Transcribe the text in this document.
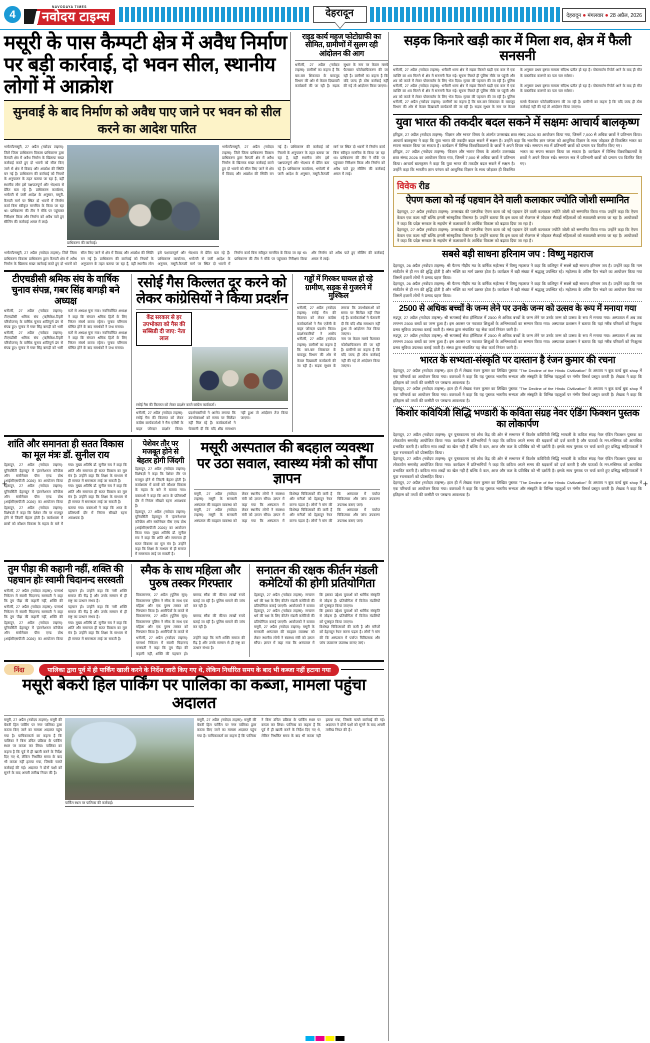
4
NAVODAYA TIMES
नवोदय टाइम्स	देहरादून	देहरादून ● मंगलवार ● 28 अप्रैल, 2026
मसूरी के पास कैम्पटी क्षेत्र में अवैध निर्माण पर बड़ी कार्रवाई, दो भवन सील, स्थानीय लोगों में आक्रोश
सुनवाई के बाद निर्माण को अवैध पाए जाने पर भवन को सील करने का आदेश पारित
राइड कार्य महज फोटोग्राफी का सीमित, ग्रामीणों में सुलग रही आंदोलन की आग
धनौल्टी, 27 अप्रैल (नवोदय टाइम्स): ग्रामीणों का कहना है कि बार-बार शिकायत के बावजूद विभाग की ओर से केवल दिखावटी कार्यक्रमों की जा रही है। सड़क सुधार के नाम पर केवल मलबे फैलाकर फोटोग्राफिकरण की जा रही है। ग्रामीणों का कहना है कि यदि जल्द ही ठोस कार्रवाई नहीं की गई तो आंदोलन किया जाएगा।
भगोल्टी/मसूरी, 27 अप्रैल (नवोदय टाइम्स): जिले जिला प्राधिकरण विकास प्राधिकरण द्वारा कैम्पटी क्षेत्र में अवैध निर्माण के खिलाफ सख्त कार्रवाई करते हुए दो भवनों को सील किए जाने से क्षेत्र में विवाद और आक्रोश की स्थिति बन गई है। प्राधिकरण की कार्रवाई को नियमों के अनुपालन के तहत बताया जा रहा है, वहीं स्थानीय लोग इसे पक्षपातपूर्ण और भेदभाव से प्रेरित बता रहे हैं। प्राधिकरण कार्यालय, भगोल्टी से जारी आदेश के अनुसार, मसूरी-कैम्पटी मार्ग पर स्थित दो भवनों में निर्माण कार्य बिना स्वीकृत मानचित्र के किया जा रहा था। प्राधिकरण की टीम ने मौके पर पहुंचकर निरीक्षण किया और निर्माण को अवैध पाते हुए सीलिंग की कार्रवाई अमल में लाई।
प्राधिकरण की कार्रवाई।
भगोल्टी/मसूरी, 27 अप्रैल (नवोदय टाइम्स): जिले जिला प्राधिकरण विकास प्राधिकरण द्वारा कैम्पटी क्षेत्र में अवैध निर्माण के खिलाफ सख्त कार्रवाई करते हुए दो भवनों को सील किए जाने से क्षेत्र में विवाद और आक्रोश की स्थिति बन गई है। प्राधिकरण की कार्रवाई को नियमों के अनुपालन के तहत बताया जा रहा है, वहीं स्थानीय लोग इसे पक्षपातपूर्ण और भेदभाव से प्रेरित बता रहे हैं। प्राधिकरण कार्यालय, भगोल्टी से जारी आदेश के अनुसार, मसूरी-कैम्पटी मार्ग पर स्थित दो भवनों में निर्माण कार्य बिना स्वीकृत मानचित्र के किया जा रहा था। प्राधिकरण की टीम ने मौके पर पहुंचकर निरीक्षण किया और निर्माण को अवैध पाते हुए सीलिंग की कार्रवाई अमल में लाई।
भगोल्टी/मसूरी, 27 अप्रैल (नवोदय टाइम्स): जिले जिला प्राधिकरण विकास प्राधिकरण द्वारा कैम्पटी क्षेत्र में अवैध निर्माण के खिलाफ सख्त कार्रवाई करते हुए दो भवनों को सील किए जाने से क्षेत्र में विवाद और आक्रोश की स्थिति बन गई है। प्राधिकरण की कार्रवाई को नियमों के अनुपालन के तहत बताया जा रहा है, वहीं स्थानीय लोग इसे पक्षपातपूर्ण और भेदभाव से प्रेरित बता रहे हैं। प्राधिकरण कार्यालय, भगोल्टी से जारी आदेश के अनुसार, मसूरी-कैम्पटी मार्ग पर स्थित दो भवनों में निर्माण कार्य बिना स्वीकृत मानचित्र के किया जा रहा था। प्राधिकरण की टीम ने मौके पर पहुंचकर निरीक्षण किया और निर्माण को अवैध पाते हुए सीलिंग की कार्रवाई अमल में लाई।
टीएचडीसी श्रमिक संघ के वार्षिक चुनाव संपन्न, गबर सिंह बागड़ी बने अध्यक्ष
धनौल्टी, 27 अप्रैल (नवोदय टाइम्स): टीएचडीसी श्रमिक संघ (ऋषिकेश-टिहरी परियोजना) के वार्षिक चुनाव शांतिपूर्ण ढंग से संपन्न हुए। चुनाव में गबर सिंह बागड़ी को भारी मतों से अध्यक्ष चुना गया। नवनिर्वाचित अध्यक्ष ने कहा कि संगठन श्रमिक हितों के लिए निरंतर संघर्ष करता रहेगा। चुनाव परिणाम घोषित होने के बाद समर्थकों ने जश्न मनाया।
धनौल्टी, 27 अप्रैल (नवोदय टाइम्स): टीएचडीसी श्रमिक संघ (ऋषिकेश-टिहरी परियोजना) के वार्षिक चुनाव शांतिपूर्ण ढंग से संपन्न हुए। चुनाव में गबर सिंह बागड़ी को भारी मतों से अध्यक्ष चुना गया। नवनिर्वाचित अध्यक्ष ने कहा कि संगठन श्रमिक हितों के लिए निरंतर संघर्ष करता रहेगा। चुनाव परिणाम घोषित होने के बाद समर्थकों ने जश्न मनाया।
रसोई गैस किल्लत दूर करने को लेकर कांग्रेसियों ने किया प्रदर्शन
केंद्र सरकार से हर उपभोक्ता को गैस की सब्सिडी दी जाए: नेता लाल
रसोई गैस की किल्लत को लेकर प्रदर्शन करते कांग्रेस कार्यकर्ता।
धनौल्टी, 27 अप्रैल (नवोदय टाइम्स): रसोई गैस की किल्लत को लेकर कांग्रेस कार्यकर्ताओं ने गैस एजेंसी के बाहर जोरदार प्रदर्शन किया। प्रदर्शनकारियों ने आरोप लगाया कि उपभोक्ताओं को समय पर सिलेंडर नहीं मिल रहे हैं। कार्यकर्ताओं ने चेतावनी दी कि यदि शीघ्र समाधान नहीं हुआ तो आंदोलन तेज किया जाएगा।
गड्ढों में गिरकर घायल हो रहे ग्रामीण, सड़क से गुजरने में मुश्किल
धनौल्टी, 27 अप्रैल (नवोदय टाइम्स): रसोई गैस की किल्लत को लेकर कांग्रेस कार्यकर्ताओं ने गैस एजेंसी के बाहर जोरदार प्रदर्शन किया। प्रदर्शनकारियों ने आरोप लगाया कि उपभोक्ताओं को समय पर सिलेंडर नहीं मिल रहे हैं। कार्यकर्ताओं ने चेतावनी दी कि यदि शीघ्र समाधान नहीं हुआ तो आंदोलन तेज किया जाएगा।
धनौल्टी, 27 अप्रैल (नवोदय टाइम्स): ग्रामीणों का कहना है कि बार-बार शिकायत के बावजूद विभाग की ओर से केवल दिखावटी कार्यक्रमों की जा रही है। सड़क सुधार के नाम पर केवल मलबे फैलाकर फोटोग्राफिकरण की जा रही है। ग्रामीणों का कहना है कि यदि जल्द ही ठोस कार्रवाई नहीं की गई तो आंदोलन किया जाएगा।
शांति और समानता ही सतत विकास का मूल मंत्रः डॉ. सुनील राय
देहरादून, 27 अप्रैल (नवोदय टाइम्स): यूनिवर्सिटी देहरादून में 'इंटरनेशनल कॉन्फ्रेंस ऑन सस्टेनेबल पीस एण्ड ग्रोथ (आईसीएसपीजी 2026)' का आयोजन किया गया। मुख्य अतिथि डॉ. सुनील राय ने कहा कि शांति और समानता ही सतत विकास का मूल मंत्र है। उन्होंने कहा कि शिक्षा के माध्यम से ही समाज में समरसता लाई जा सकती है।
देहरादून, 27 अप्रैल (नवोदय टाइम्स): यूनिवर्सिटी देहरादून में 'इंटरनेशनल कॉन्फ्रेंस ऑन सस्टेनेबल पीस एण्ड ग्रोथ (आईसीएसपीजी 2026)' का आयोजन किया गया। मुख्य अतिथि डॉ. सुनील राय ने कहा कि शांति और समानता ही सतत विकास का मूल मंत्र है। उन्होंने कहा कि शिक्षा के माध्यम से ही समाज में समरसता लाई जा सकती है।
देहरादून, 27 अप्रैल (नवोदय टाइम्स): विशेषज्ञों ने कहा कि पेशेवर तौर पर मजबूत होने से जिंदगी बेहतर होती है। कार्यशाला में छात्रों को कौशल विकास के महत्व के बारे में बताया गया। वक्ताओं ने कहा कि आज के प्रतिस्पर्धी दौर में निरंतर सीखते रहना आवश्यक है।
पेशेवर तौर पर मजबूत होने से बेहतर होगी जिंदगी
देहरादून, 27 अप्रैल (नवोदय टाइम्स): विशेषज्ञों ने कहा कि पेशेवर तौर पर मजबूत होने से जिंदगी बेहतर होती है। कार्यशाला में छात्रों को कौशल विकास के महत्व के बारे में बताया गया। वक्ताओं ने कहा कि आज के प्रतिस्पर्धी दौर में निरंतर सीखते रहना आवश्यक है।
देहरादून, 27 अप्रैल (नवोदय टाइम्स): यूनिवर्सिटी देहरादून में 'इंटरनेशनल कॉन्फ्रेंस ऑन सस्टेनेबल पीस एण्ड ग्रोथ (आईसीएसपीजी 2026)' का आयोजन किया गया। मुख्य अतिथि डॉ. सुनील राय ने कहा कि शांति और समानता ही सतत विकास का मूल मंत्र है। उन्होंने कहा कि शिक्षा के माध्यम से ही समाज में समरसता लाई जा सकती है।
मसूरी अस्पताल की बदहाल व्यवस्था पर उठा सवाल, स्वास्थ्य मंत्री को सौंपा ज्ञापन
मसूरी, 27 अप्रैल (नवोदय टाइम्स): मसूरी के सरकारी अस्पताल की बदहाल व्यवस्था को लेकर स्थानीय लोगों ने स्वास्थ्य मंत्री को ज्ञापन सौंपा। ज्ञापन में कहा गया कि अस्पताल में विशेषज्ञ चिकित्सकों की कमी है और मरीजों को देहरादून रेफर करना पड़ता है। लोगों ने मांग की कि अस्पताल में पर्याप्त चिकित्सक और जांच उपकरण उपलब्ध कराए जाएं।
मसूरी, 27 अप्रैल (नवोदय टाइम्स): मसूरी के सरकारी अस्पताल की बदहाल व्यवस्था को लेकर स्थानीय लोगों ने स्वास्थ्य मंत्री को ज्ञापन सौंपा। ज्ञापन में कहा गया कि अस्पताल में विशेषज्ञ चिकित्सकों की कमी है और मरीजों को देहरादून रेफर करना पड़ता है। लोगों ने मांग की कि अस्पताल में पर्याप्त चिकित्सक और जांच उपकरण उपलब्ध कराए जाएं।
तुम पीड़ा की कहानी नहीं, शक्ति की पहचान होः स्वामी चिदानन्द सरस्वती
धनौल्टी, 27 अप्रैल (नवोदय टाइम्स): परमार्थ निकेतन में स्वामी चिदानन्द सरस्वती ने कहा कि तुम पीड़ा की कहानी नहीं, शक्ति की पहचान हो। उन्होंने कहा कि नारी शक्ति समाज की रीढ़ है और उनके सम्मान से ही राष्ट्र का उत्थान संभव है।
धनौल्टी, 27 अप्रैल (नवोदय टाइम्स): परमार्थ निकेतन में स्वामी चिदानन्द सरस्वती ने कहा कि तुम पीड़ा की कहानी नहीं, शक्ति की पहचान हो। उन्होंने कहा कि नारी शक्ति समाज की रीढ़ है और उनके सम्मान से ही राष्ट्र का उत्थान संभव है।
देहरादून, 27 अप्रैल (नवोदय टाइम्स): यूनिवर्सिटी देहरादून में 'इंटरनेशनल कॉन्फ्रेंस ऑन सस्टेनेबल पीस एण्ड ग्रोथ (आईसीएसपीजी 2026)' का आयोजन किया गया। मुख्य अतिथि डॉ. सुनील राय ने कहा कि शांति और समानता ही सतत विकास का मूल मंत्र है। उन्होंने कहा कि शिक्षा के माध्यम से ही समाज में समरसता लाई जा सकती है।
स्मैक के साथ महिला और पुरुष तस्कर गिरफ्तार
विकासनगर, 27 अप्रैल (पुलिस सूत्र): विकासनगर पुलिस ने स्मैक के साथ एक महिला और एक पुरुष तस्कर को गिरफ्तार किया है। आरोपियों के कब्जे से बरामद स्मैक की कीमत लाखों रुपये बताई जा रही है। पुलिस मामले की जांच कर रही है।
विकासनगर, 27 अप्रैल (पुलिस सूत्र): विकासनगर पुलिस ने स्मैक के साथ एक महिला और एक पुरुष तस्कर को गिरफ्तार किया है। आरोपियों के कब्जे से बरामद स्मैक की कीमत लाखों रुपये बताई जा रही है। पुलिस मामले की जांच कर रही है।
धनौल्टी, 27 अप्रैल (नवोदय टाइम्स): परमार्थ निकेतन में स्वामी चिदानन्द सरस्वती ने कहा कि तुम पीड़ा की कहानी नहीं, शक्ति की पहचान हो। उन्होंने कहा कि नारी शक्ति समाज की रीढ़ है और उनके सम्मान से ही राष्ट्र का उत्थान संभव है।
सनातन की रक्षक कीर्तन मंडली कमेटियों की होगी प्रतियोगिता
देहरादून, 27 अप्रैल (नवोदय टाइम्स): सनातन धर्म की रक्षा के लिए कीर्तन मंडली कमेटियों की प्रतियोगिता कराई जाएगी। आयोजकों ने बताया कि इसका उद्देश्य युवाओं को धार्मिक संस्कृति से जोड़ना है। प्रतियोगिता में विजेता मंडलियों को पुरस्कृत किया जाएगा।
देहरादून, 27 अप्रैल (नवोदय टाइम्स): सनातन धर्म की रक्षा के लिए कीर्तन मंडली कमेटियों की प्रतियोगिता कराई जाएगी। आयोजकों ने बताया कि इसका उद्देश्य युवाओं को धार्मिक संस्कृति से जोड़ना है। प्रतियोगिता में विजेता मंडलियों को पुरस्कृत किया जाएगा।
मसूरी, 27 अप्रैल (नवोदय टाइम्स): मसूरी के सरकारी अस्पताल की बदहाल व्यवस्था को लेकर स्थानीय लोगों ने स्वास्थ्य मंत्री को ज्ञापन सौंपा। ज्ञापन में कहा गया कि अस्पताल में विशेषज्ञ चिकित्सकों की कमी है और मरीजों को देहरादून रेफर करना पड़ता है। लोगों ने मांग की कि अस्पताल में पर्याप्त चिकित्सक और जांच उपकरण उपलब्ध कराए जाएं।
निंदा	पालिका द्वारा पूर्व में ही पार्किंग खाली करने के निर्देश जारी किए गए थे, लेकिन निर्धारित समय के बाद भी कब्जा नहीं हटाया गया
मसूरी बेकरी हिल पार्किंग पर पालिका का कब्जा, मामला पहुंचा अदालत
मसूरी, 27 अप्रैल (नवोदय टाइम्स): मसूरी की बेकरी हिल पार्किंग पर नगर पालिका द्वारा कब्जा किए जाने का मामला अदालत पहुंच गया है। याचिकाकर्ता का कहना है कि पालिका ने बिना उचित प्रक्रिया के पार्किंग स्थल पर कब्जा कर लिया। पालिका का कहना है कि पूर्व में ही खाली करने के निर्देश दिए गए थे, लेकिन निर्धारित समय के बाद भी कब्जा नहीं हटाया गया, जिसके चलते कार्रवाई की गई। अदालत ने दोनों पक्षों को सुनने के बाद अगली तारीख नियत की है।
पार्किंग स्थल पर पालिका की कार्रवाई।
मसूरी, 27 अप्रैल (नवोदय टाइम्स): मसूरी की बेकरी हिल पार्किंग पर नगर पालिका द्वारा कब्जा किए जाने का मामला अदालत पहुंच गया है। याचिकाकर्ता का कहना है कि पालिका ने बिना उचित प्रक्रिया के पार्किंग स्थल पर कब्जा कर लिया। पालिका का कहना है कि पूर्व में ही खाली करने के निर्देश दिए गए थे, लेकिन निर्धारित समय के बाद भी कब्जा नहीं हटाया गया, जिसके चलते कार्रवाई की गई। अदालत ने दोनों पक्षों को सुनने के बाद अगली तारीख नियत की है।
सड़क किनारे खड़ी कार में मिला शव, क्षेत्र में फैली सनसनी
धनौल्टी, 27 अप्रैल (नवोदय टाइम्स): धनौल्टी थाना क्षेत्र में सड़क किनारे खड़ी एक कार में एक व्यक्ति का शव मिलने से क्षेत्र में सनसनी फैल गई। सूचना मिलते ही पुलिस मौके पर पहुंची और शव को कब्जे में लेकर पोस्टमार्टम के लिए भेज दिया। मृतक की पहचान की जा रही है। पुलिस के अनुसार प्रथम दृष्टया मामला संदिग्ध प्रतीत हो रहा है। पोस्टमार्टम रिपोर्ट आने के बाद ही मौत के वास्तविक कारणों का पता चल सकेगा।
धनौल्टी, 27 अप्रैल (नवोदय टाइम्स): धनौल्टी थाना क्षेत्र में सड़क किनारे खड़ी एक कार में एक व्यक्ति का शव मिलने से क्षेत्र में सनसनी फैल गई। सूचना मिलते ही पुलिस मौके पर पहुंची और शव को कब्जे में लेकर पोस्टमार्टम के लिए भेज दिया। मृतक की पहचान की जा रही है। पुलिस के अनुसार प्रथम दृष्टया मामला संदिग्ध प्रतीत हो रहा है। पोस्टमार्टम रिपोर्ट आने के बाद ही मौत के वास्तविक कारणों का पता चल सकेगा।
धनौल्टी, 27 अप्रैल (नवोदय टाइम्स): ग्रामीणों का कहना है कि बार-बार शिकायत के बावजूद विभाग की ओर से केवल दिखावटी कार्यक्रमों की जा रही है। सड़क सुधार के नाम पर केवल मलबे फैलाकर फोटोग्राफिकरण की जा रही है। ग्रामीणों का कहना है कि यदि जल्द ही ठोस कार्रवाई नहीं की गई तो आंदोलन किया जाएगा।
युवा भारत की तकदीर बदल सकने में सक्षमः आचार्य बालकृष्ण
हरिद्वार, 27 अप्रैल (नवोदय टाइम्स): 'विज्ञान और भारत' विषय के अंतर्गत उत्तराखंड छात्र संसद 2026 का आयोजन किया गया, जिसमें 7,000 से अधिक छात्रों ने प्रतिभाग किया। आचार्य बालकृष्ण ने कहा कि युवा भारत की तकदीर बदल सकने में सक्षम है। उन्होंने कहा कि भारतीय ज्ञान परंपरा को आधुनिक विज्ञान के साथ जोड़कर ही विकसित भारत का सपना साकार किया जा सकता है। कार्यक्रम में विभिन्न विश्वविद्यालयों के छात्रों ने अपने विचार रखे। समापन सत्र में प्रतिभागी छात्रों को प्रमाण पत्र वितरित किए गए।
हरिद्वार, 27 अप्रैल (नवोदय टाइम्स): 'विज्ञान और भारत' विषय के अंतर्गत उत्तराखंड छात्र संसद 2026 का आयोजन किया गया, जिसमें 7,000 से अधिक छात्रों ने प्रतिभाग किया। आचार्य बालकृष्ण ने कहा कि युवा भारत की तकदीर बदल सकने में सक्षम है। उन्होंने कहा कि भारतीय ज्ञान परंपरा को आधुनिक विज्ञान के साथ जोड़कर ही विकसित भारत का सपना साकार किया जा सकता है। कार्यक्रम में विभिन्न विश्वविद्यालयों के छात्रों ने अपने विचार रखे। समापन सत्र में प्रतिभागी छात्रों को प्रमाण पत्र वितरित किए गए।
विवेक रीड
ऐपण कला को नई पहचान देने वाली कलाकार ज्योति जोशी सम्मानित
देहरादून, 27 अप्रैल (नवोदय टाइम्स): उत्तराखंड की पारंपरिक ऐपण कला को नई पहचान देने वाली कलाकार ज्योति जोशी को सम्मानित किया गया। उन्होंने कहा कि ऐपण केवल एक कला नहीं बल्कि हमारी सांस्कृतिक विरासत है। उन्होंने बताया कि इस कला को रोजगार से जोड़कर सैकड़ों महिलाओं को स्वावलंबी बनाया जा रहा है। आयोजकों ने कहा कि प्रदेश सरकार के सहयोग से कलाकारों के आर्थिक विकास को बढ़ावा दिया जा रहा है।
देहरादून, 27 अप्रैल (नवोदय टाइम्स): उत्तराखंड की पारंपरिक ऐपण कला को नई पहचान देने वाली कलाकार ज्योति जोशी को सम्मानित किया गया। उन्होंने कहा कि ऐपण केवल एक कला नहीं बल्कि हमारी सांस्कृतिक विरासत है। उन्होंने बताया कि इस कला को रोजगार से जोड़कर सैकड़ों महिलाओं को स्वावलंबी बनाया जा रहा है। आयोजकों ने कहा कि प्रदेश सरकार के सहयोग से कलाकारों के आर्थिक विकास को बढ़ावा दिया जा रहा है।
सबसे बड़ी साधना हरिनाम जप : विष्णु महाराज
देहरादून, 26 अप्रैल (नवोदय टाइम्स): श्री चैतन्य गौड़ीय मठ के वार्षिक महोत्सव में विष्णु महाराज ने कहा कि कलियुग में सबसे बड़ी साधना हरिनाम जप है। उन्होंने कहा कि नाम संकीर्तन से ही मन की शुद्धि होती है और भक्ति का मार्ग प्रशस्त होता है। कार्यक्रम में बड़ी संख्या में श्रद्धालु उपस्थित रहे। महोत्सव के अंतिम दिन भंडारे का आयोजन किया गया जिसमें हजारों लोगों ने प्रसाद ग्रहण किया।
देहरादून, 26 अप्रैल (नवोदय टाइम्स): श्री चैतन्य गौड़ीय मठ के वार्षिक महोत्सव में विष्णु महाराज ने कहा कि कलियुग में सबसे बड़ी साधना हरिनाम जप है। उन्होंने कहा कि नाम संकीर्तन से ही मन की शुद्धि होती है और भक्ति का मार्ग प्रशस्त होता है। कार्यक्रम में बड़ी संख्या में श्रद्धालु उपस्थित रहे। महोत्सव के अंतिम दिन भंडारे का आयोजन किया गया जिसमें हजारों लोगों ने प्रसाद ग्रहण किया।
2500 से अधिक बच्चों के जन्म लेने पर उनके जन्म को उत्सव के रूप में मनाया गया
रुद्रपुर, 27 अप्रैल (नवोदय टाइम्स): श्री सत्यसाईं सेवा हॉस्पिटल में 2500 से अधिक बच्चों के जन्म लेने पर उनके जन्म को उत्सव के रूप में मनाया गया। अस्पताल में अब तक लगभग 2500 बच्चों का जन्म हुआ है। इस अवसर पर नवजात शिशुओं के अभिभावकों का सम्मान किया गया। अस्पताल प्रशासन ने बताया कि यहां गरीब परिवारों को निःशुल्क प्रसव सुविधा उपलब्ध कराई जाती है। संस्था द्वारा संचालित यह सेवा कार्य निरंतर जारी है।
रुद्रपुर, 27 अप्रैल (नवोदय टाइम्स): श्री सत्यसाईं सेवा हॉस्पिटल में 2500 से अधिक बच्चों के जन्म लेने पर उनके जन्म को उत्सव के रूप में मनाया गया। अस्पताल में अब तक लगभग 2500 बच्चों का जन्म हुआ है। इस अवसर पर नवजात शिशुओं के अभिभावकों का सम्मान किया गया। अस्पताल प्रशासन ने बताया कि यहां गरीब परिवारों को निःशुल्क प्रसव सुविधा उपलब्ध कराई जाती है। संस्था द्वारा संचालित यह सेवा कार्य निरंतर जारी है।
भारत के सभ्यता-संस्कृति पर दास्तान है रंजन कुमार की रचना
देहरादून, 27 अप्रैल (नवोदय टाइम्स): हाल ही में लेखक रंजन कुमार का लिखित पुस्तक "The Decline of the Hindu Civilization" के अध्याय न बुक वर्ल्ड बुक shop में एक परिचर्चा का आयोजन किया गया। वक्ताओं ने कहा कि यह पुस्तक भारतीय सभ्यता और संस्कृति के विभिन्न पहलुओं पर गंभीर विमर्श प्रस्तुत करती है। लेखक ने कहा कि इतिहास को तथ्यों की कसौटी पर परखना आवश्यक है।
देहरादून, 27 अप्रैल (नवोदय टाइम्स): हाल ही में लेखक रंजन कुमार का लिखित पुस्तक "The Decline of the Hindu Civilization" के अध्याय न बुक वर्ल्ड बुक shop में एक परिचर्चा का आयोजन किया गया। वक्ताओं ने कहा कि यह पुस्तक भारतीय सभ्यता और संस्कृति के विभिन्न पहलुओं पर गंभीर विमर्श प्रस्तुत करती है। लेखक ने कहा कि इतिहास को तथ्यों की कसौटी पर परखना आवश्यक है।
किशोर कवियित्री सिद्धि भण्डारी के कविता संग्रह नेवर एंडिंग फिक्शन पुस्तक का लोकार्पण
देहरादून, 27 अप्रैल (नवोदय टाइम्स): दून पुस्तकालय एवं शोध केंद्र की ओर से सभागार में किशोर कवियित्री सिद्धि भण्डारी के कविता संग्रह नेवर एंडिंग फिक्शन पुस्तक का लोकार्पण समारोह आयोजित किया गया। कार्यक्रम में प्रतिभागियों ने कहा कि कविता अपने समय की धड़कनों को दर्ज करती है और पाठकों के मन-मस्तिष्क को अत्यधिक प्रभावित करती है। कविता मात्र शब्दों का खेल नहीं है बल्कि वे कल, आज और कल के प्रतिबिंब को भी दर्शाती है। इसके साथ पुस्तक पर चर्चा करते हुए प्रसिद्ध साहित्यकारों ने युवा रचनाकारों को प्रोत्साहित किया।
देहरादून, 27 अप्रैल (नवोदय टाइम्स): दून पुस्तकालय एवं शोध केंद्र की ओर से सभागार में किशोर कवियित्री सिद्धि भण्डारी के कविता संग्रह नेवर एंडिंग फिक्शन पुस्तक का लोकार्पण समारोह आयोजित किया गया। कार्यक्रम में प्रतिभागियों ने कहा कि कविता अपने समय की धड़कनों को दर्ज करती है और पाठकों के मन-मस्तिष्क को अत्यधिक प्रभावित करती है। कविता मात्र शब्दों का खेल नहीं है बल्कि वे कल, आज और कल के प्रतिबिंब को भी दर्शाती है। इसके साथ पुस्तक पर चर्चा करते हुए प्रसिद्ध साहित्यकारों ने युवा रचनाकारों को प्रोत्साहित किया।
देहरादून, 27 अप्रैल (नवोदय टाइम्स): हाल ही में लेखक रंजन कुमार का लिखित पुस्तक "The Decline of the Hindu Civilization" के अध्याय न बुक वर्ल्ड बुक shop में एक परिचर्चा का आयोजन किया गया। वक्ताओं ने कहा कि यह पुस्तक भारतीय सभ्यता और संस्कृति के विभिन्न पहलुओं पर गंभीर विमर्श प्रस्तुत करती है। लेखक ने कहा कि इतिहास को तथ्यों की कसौटी पर परखना आवश्यक है।
+	+
